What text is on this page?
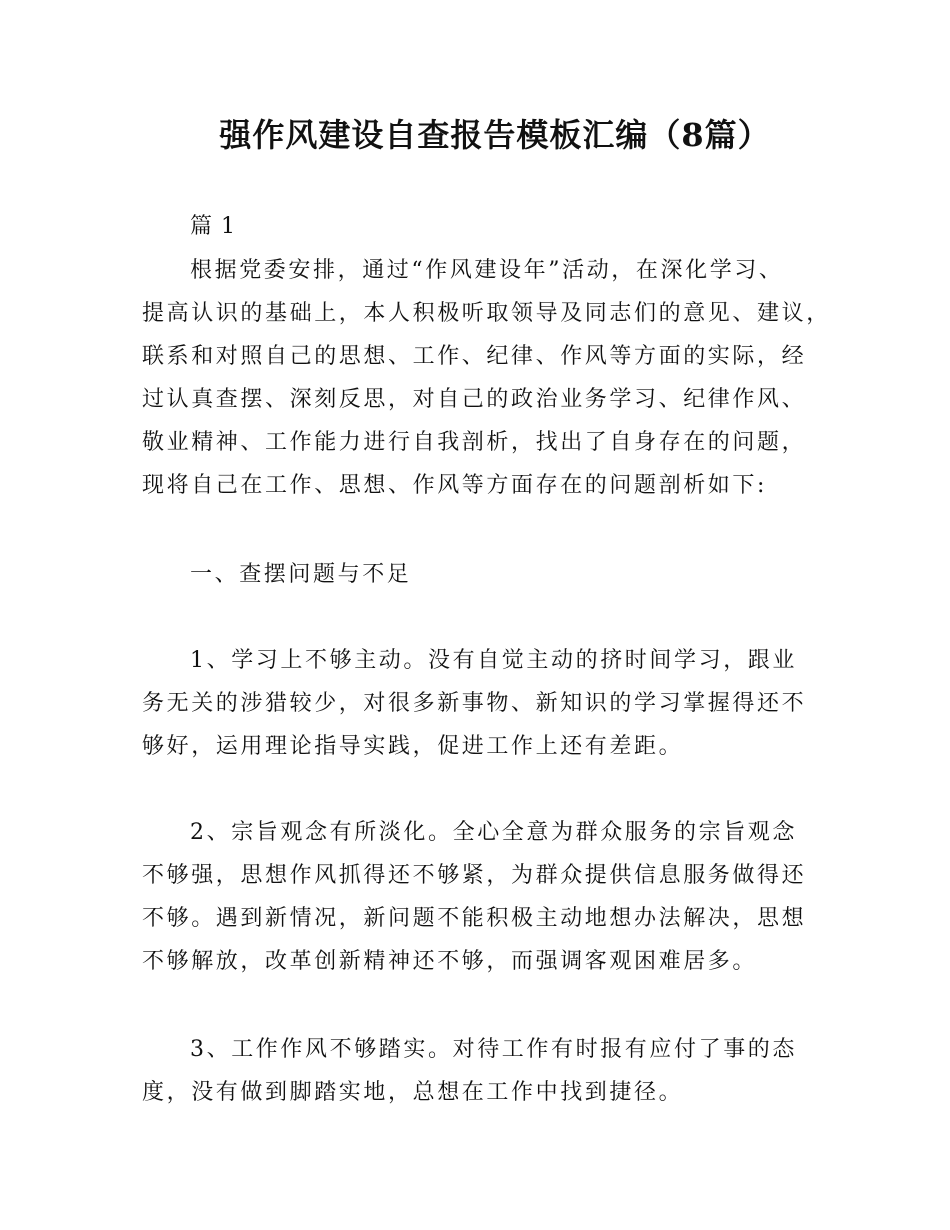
强作风建设自查报告模板汇编（8篇）
篇 1
根据党委安排，通过“作风建设年”活动，在深化学习、
提高认识的基础上，本人积极听取领导及同志们的意见、建议，
联系和对照自己的思想、工作、纪律、作风等方面的实际，经
过认真查摆、深刻反思，对自己的政治业务学习、纪律作风、
敬业精神、工作能力进行自我剖析，找出了自身存在的问题，
现将自己在工作、思想、作风等方面存在的问题剖析如下:
一、查摆问题与不足
1、学习上不够主动。没有自觉主动的挤时间学习，跟业
务无关的涉猎较少，对很多新事物、新知识的学习掌握得还不
够好，运用理论指导实践，促进工作上还有差距。
2、宗旨观念有所淡化。全心全意为群众服务的宗旨观念
不够强，思想作风抓得还不够紧，为群众提供信息服务做得还
不够。遇到新情况，新问题不能积极主动地想办法解决，思想
不够解放，改革创新精神还不够，而强调客观困难居多。
3、工作作风不够踏实。对待工作有时报有应付了事的态
度，没有做到脚踏实地，总想在工作中找到捷径。
